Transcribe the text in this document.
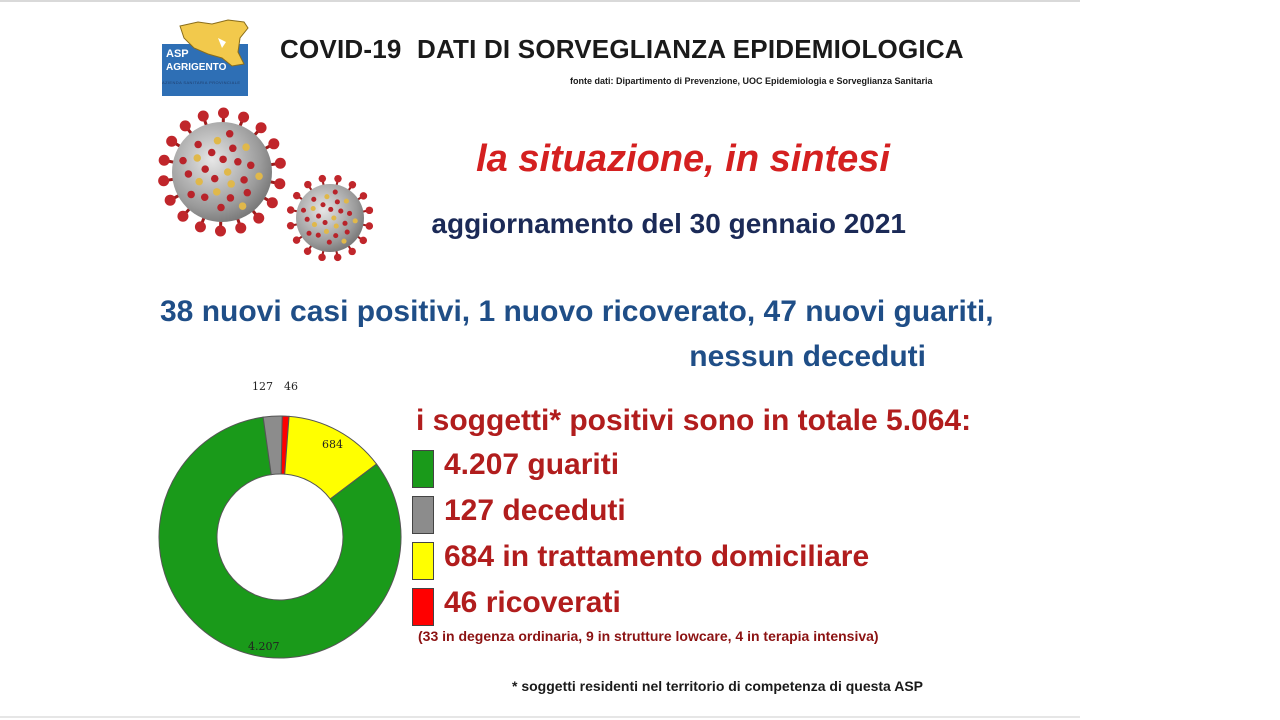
ASP
AGRIGENTO
AZIENDA SANITARIA PROVINCIALE
COVID-19 DATI DI SORVEGLIANZA EPIDEMIOLOGICA
fonte dati: Dipartimento di Prevenzione, UOC Epidemiologia e Sorveglianza Sanitaria
la situazione, in sintesi
aggiornamento del 30 gennaio 2021
38 nuovi casi positivi, 1 nuovo ricoverato, 47 nuovi guariti,
nessun deceduti
46
684
4.207
127
i soggetti* positivi sono in totale 5.064:
4.207 guariti
127 deceduti
684 in trattamento domiciliare
46 ricoverati
(33 in degenza ordinaria, 9 in strutture lowcare, 4 in terapia intensiva)
* soggetti residenti nel territorio di competenza di questa ASP
